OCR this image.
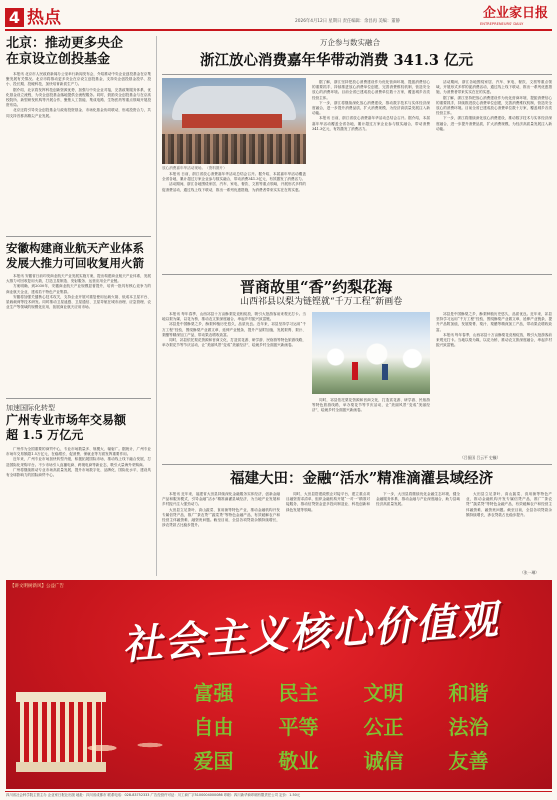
4 热点	2026年4月12日 星期日 责任编辑：余昌再 美编：董静
企业家日报
ENTREPRENEURS' DAILY
北京：推动更多央企
在京设立创投基金

本报讯 北京市人民政府新闻办公室举行新闻发布会，介绍推动中央企业创投基金在京集聚发展有关情况。北京市将推动更多央企在京设立创投基金，支持央企创投基金投早、投小、投长期、投硬科技，加快培育新质生产力。

据介绍，北京将发挥科技创新资源优势，加强与中央企业对接，完善政策服务体系，优化基金设立流程，为央企创投基金落地提供全流程服务。同时，鼓励央企创投基金与在京高校院所、新型研发机构等开展合作，聚焦人工智能、集成电路、生物医药等重点领域开展投资布局。

北京还将引导央企创投基金与政府投资基金、市场化基金协同联动，形成投资合力，共同支持首都高精尖产业发展。

安徽构建商业航天产业体系
发展大推力可回收复用火箭

本报讯 安徽省日前印发商业航天产业发展实施方案，提出构建商业航天产业体系，发展大推力可回收复用火箭，打造卫星制造、发射服务、运营应用全产业链。

方案明确，到2030年，安徽商业航天产业规模显著提升，培育一批具有核心竞争力的商业航天企业，建成若干特色产业集群。

安徽将加强关键核心技术攻关，支持企业开展可重复使用运载火箭、低成本卫星平台、星载载荷等技术研发。同时推动卫星遥感、卫星通信、卫星导航在城市治理、应急管理、农业生产等领域的规模化应用，拓展商业航天应用市场。

加速国际化转型
广州专业市场年交易额
超 1.5 万亿元

广州作为全国重要的商贸中心，专业市场数量多、规模大、辐射广。据统计，广州专业市场年交易额超1.5万亿元，在稳增长、促消费、保就业等方面发挥重要作用。

近年来，广州专业市场加快转型升级，积极拓展国际市场，推动线上线下融合发展，打造国际化采购平台。不少市场引入直播电商、跨境电商等新业态，吸引大量海外采购商。

广州将继续推动专业市场高质量发展，提升市场数字化、品牌化、国际化水平，建设具有全球影响力的国际商贸中心。

万企参与数实融合
浙江放心消费嘉年华带动消费 341.3 亿元
放心消费嘉年华活动现场。（资料图片）

本报讯 日前，浙江省放心消费嘉年华活动总结会召开。据介绍，本届嘉年华活动覆盖全省各地，累计超过万家企业参与数实融合，带动消费341.3亿元，有效激发了消费活力。

活动期间，浙江各地围绕家居、汽车、家电、餐饮、文旅等重点领域，开展形式多样的促消费活动，通过线上线下联动，推出一系列优惠措施，为消费者带来实实在在的实惠。

据了解，浙江坚持把放心消费建设作为优化营商环境、提振消费信心的重要抓手，持续推进放心消费单位创建，完善消费维权机制，营造安全放心的消费环境。目前全省已建成放心消费单位数十万家，覆盖城乡各类经营主体。

下一步，浙江将继续深化放心消费建设，推动数字技术与实体经济深度融合，进一步提升消费品质，扩大消费规模，为经济高质量发展注入新动能。

本报讯 日前，浙江省放心消费嘉年华活动总结会召开。据介绍，本届嘉年华活动覆盖全省各地，累计超过万家企业参与数实融合，带动消费341.3亿元，有效激发了消费活力。

活动期间，浙江各地围绕家居、汽车、家电、餐饮、文旅等重点领域，开展形式多样的促消费活动，通过线上线下联动，推出一系列优惠措施，为消费者带来实实在在的实惠。

据了解，浙江坚持把放心消费建设作为优化营商环境、提振消费信心的重要抓手，持续推进放心消费单位创建，完善消费维权机制，营造安全放心的消费环境。目前全省已建成放心消费单位数十万家，覆盖城乡各类经营主体。

下一步，浙江将继续深化放心消费建设，推动数字技术与实体经济深度融合，进一步提升消费品质，扩大消费规模，为经济高质量发展注入新动能。

晋商故里“香”约梨花海
山西祁县以梨为链铿就“千万工程”新画卷

本报讯 每年春季，山西祁县十万亩酥梨花竞相绽放，吸引大批游客前来观光打卡。当地以梨为媒，以花为桥，推动农文旅深度融合，串起乡村振兴致富链。

祁县是中国酥梨之乡，酥梨种植历史悠久，品质优良。近年来，祁县坚持学习运用“千万工程”经验，围绕酥梨产业做文章，延伸产业链条，提升产品附加值，发展梨膏、梨汁、梨醋等精深加工产品，带动果农增收致富。

同时，祁县依托梨花资源和晋商文化，打造赏花游、研学游、民宿游等特色旅游线路，举办梨花节等节庆活动，让“美丽风景”变成“美丽经济”，绘就乡村全面振兴新画卷。

同时，祁县依托梨花资源和晋商文化，打造赏花游、研学游、民宿游等特色旅游线路，举办梨花节等节庆活动，让“美丽风景”变成“美丽经济”，绘就乡村全面振兴新画卷。

祁县是中国酥梨之乡，酥梨种植历史悠久，品质优良。近年来，祁县坚持学习运用“千万工程”经验，围绕酥梨产业做文章，延伸产业链条，提升产品附加值，发展梨膏、梨汁、梨醋等精深加工产品，带动果农增收致富。

本报讯 每年春季，山西祁县十万亩酥梨花竞相绽放，吸引大批游客前来观光打卡。当地以梨为媒，以花为桥，推动农文旅深度融合，串起乡村振兴致富链。

（吕振国 吕云平 史巍）
福建大田：金融“活水”精准滴灌县域经济

本报讯 近年来，福建省大田县持续深化金融服务实体经济，创新金融产品和服务模式，引导金融“活水”精准滴灌县域经济，为当地产业发展和乡村振兴注入强劲动力。

大田县立足茶叶、高山蔬菜、食用菌等特色产业，推动金融机构开发专属信贷产品，推广“茶农贷”“蔬菜贷”等特色金融产品，有效破解农户和经营主体融资难、融资贵问题。截至目前，全县各项贷款余额持续增长，涉农贷款占比稳步提升。

同时，大田县搭建政银企对接平台，建立重点项目融资需求清单，组织金融机构开展“一对一”精准对接服务，推动信贷资金更多投向制造业、科技创新和绿色发展等领域。

下一步，大田县将继续优化金融生态环境，健全金融服务体系，推动金融与产业深度融合，助力县域经济高质量发展。

大田县立足茶叶、高山蔬菜、食用菌等特色产业，推动金融机构开发专属信贷产品，推广“茶农贷”“蔬菜贷”等特色金融产品，有效破解农户和经营主体融资难、融资贵问题。截至目前，全县各项贷款余额持续增长，涉农贷款占比稳步提升。

（张一琳）
【讲文明树新风】公益广告
社会主义核心价值观
富强	民主	文明	和谐
自由	平等	公正	法治
爱国	敬业	诚信	友善
四川省社会科学院主管主办 企业家日报社出版 地址：四川省成都市 联系电话：028-83752333 广告经营许可证：川工商广字5100004000086 印刷：四川新华商印刷有限责任公司 定价：1.50元
